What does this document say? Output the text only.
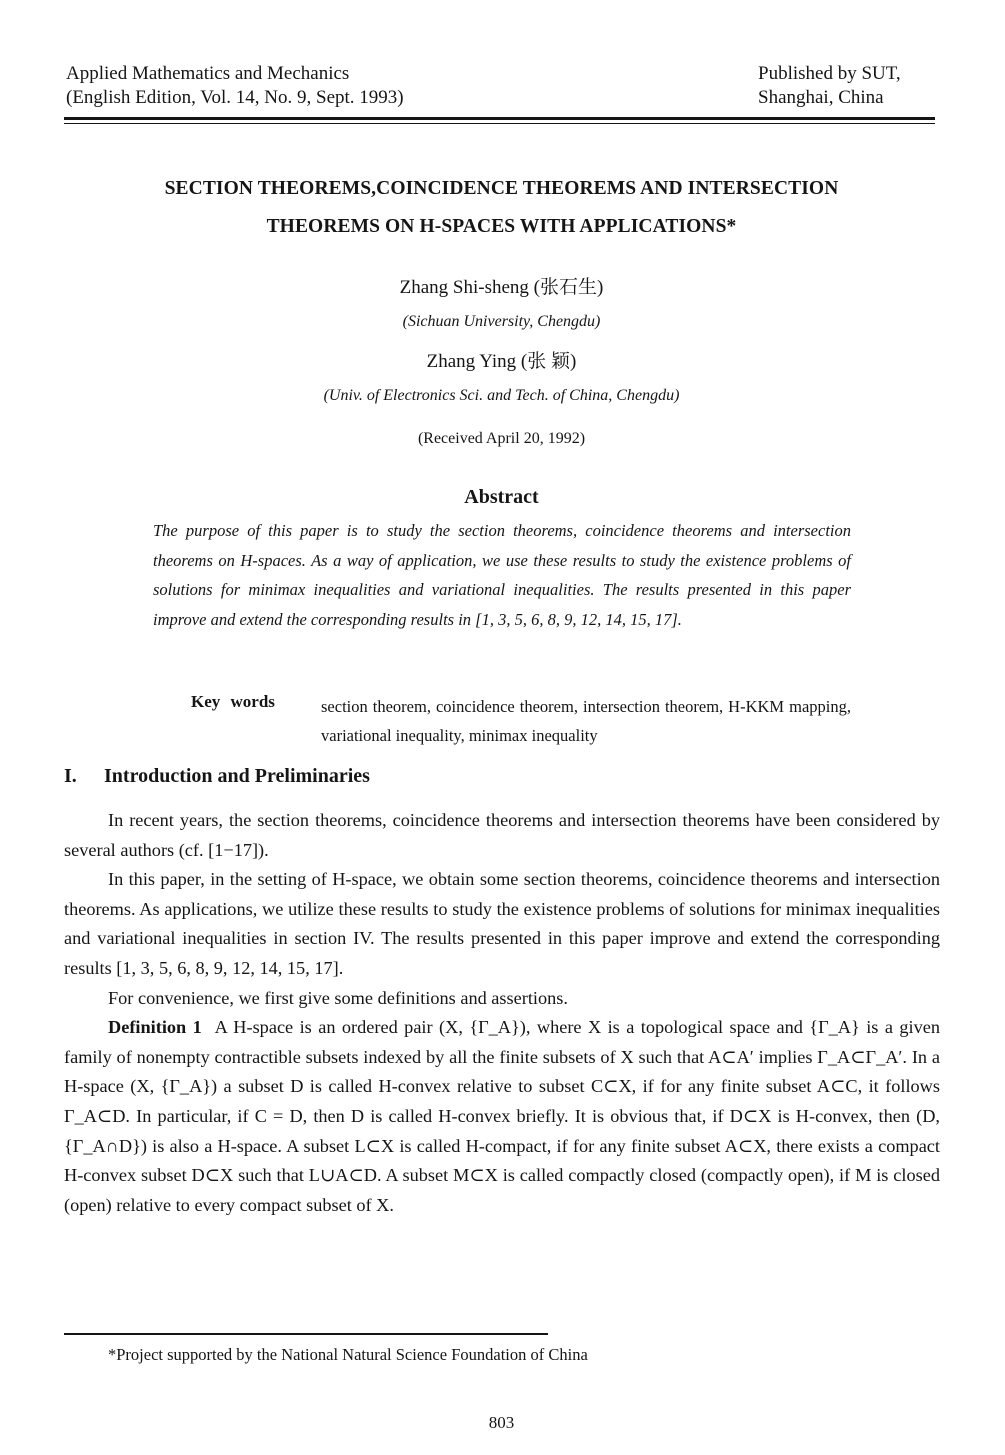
Applied Mathematics and Mechanics
(English Edition, Vol. 14, No. 9, Sept. 1993)
Published by SUT,
Shanghai, China
SECTION THEOREMS,COINCIDENCE THEOREMS AND INTERSECTION
THEOREMS ON H-SPACES WITH APPLICATIONS*
Zhang Shi-sheng (张石生)
(Sichuan University, Chengdu)
Zhang Ying (张 颖)
(Univ. of Electronics Sci. and Tech. of China, Chengdu)
(Received April 20, 1992)
Abstract
The purpose of this paper is to study the section theorems, coincidence theorems and intersection theorems on H-spaces. As a way of application, we use these results to study the existence problems of solutions for minimax inequalities and variational inequalities. The results presented in this paper improve and extend the corresponding results in [1, 3, 5, 6, 8, 9, 12, 14, 15, 17].
Key words	section theorem, coincidence theorem, intersection theorem, H-KKM mapping, variational inequality, minimax inequality
I. Introduction and Preliminaries

In recent years, the section theorems, coincidence theorems and intersection theorems have been considered by several authors (cf. [1−17]).

In this paper, in the setting of H-space, we obtain some section theorems, coincidence theorems and intersection theorems. As applications, we utilize these results to study the existence problems of solutions for minimax inequalities and variational inequalities in section IV. The results presented in this paper improve and extend the corresponding results [1, 3, 5, 6, 8, 9, 12, 14, 15, 17].

For convenience, we first give some definitions and assertions.

Definition 1 A H-space is an ordered pair (X, {Γ_A}), where X is a topological space and {Γ_A} is a given family of nonempty contractible subsets indexed by all the finite subsets of X such that A⊂A′ implies Γ_A⊂Γ_A′. In a H-space (X, {Γ_A}) a subset D is called H-convex relative to subset C⊂X, if for any finite subset A⊂C, it follows Γ_A⊂D. In particular, if C = D, then D is called H-convex briefly. It is obvious that, if D⊂X is H-convex, then (D, {Γ_A∩D}) is also a H-space. A subset L⊂X is called H-compact, if for any finite subset A⊂X, there exists a compact H-convex subset D⊂X such that L∪A⊂D. A subset M⊂X is called compactly closed (compactly open), if M is closed (open) relative to every compact subset of X.

*Project supported by the National Natural Science Foundation of China
803
